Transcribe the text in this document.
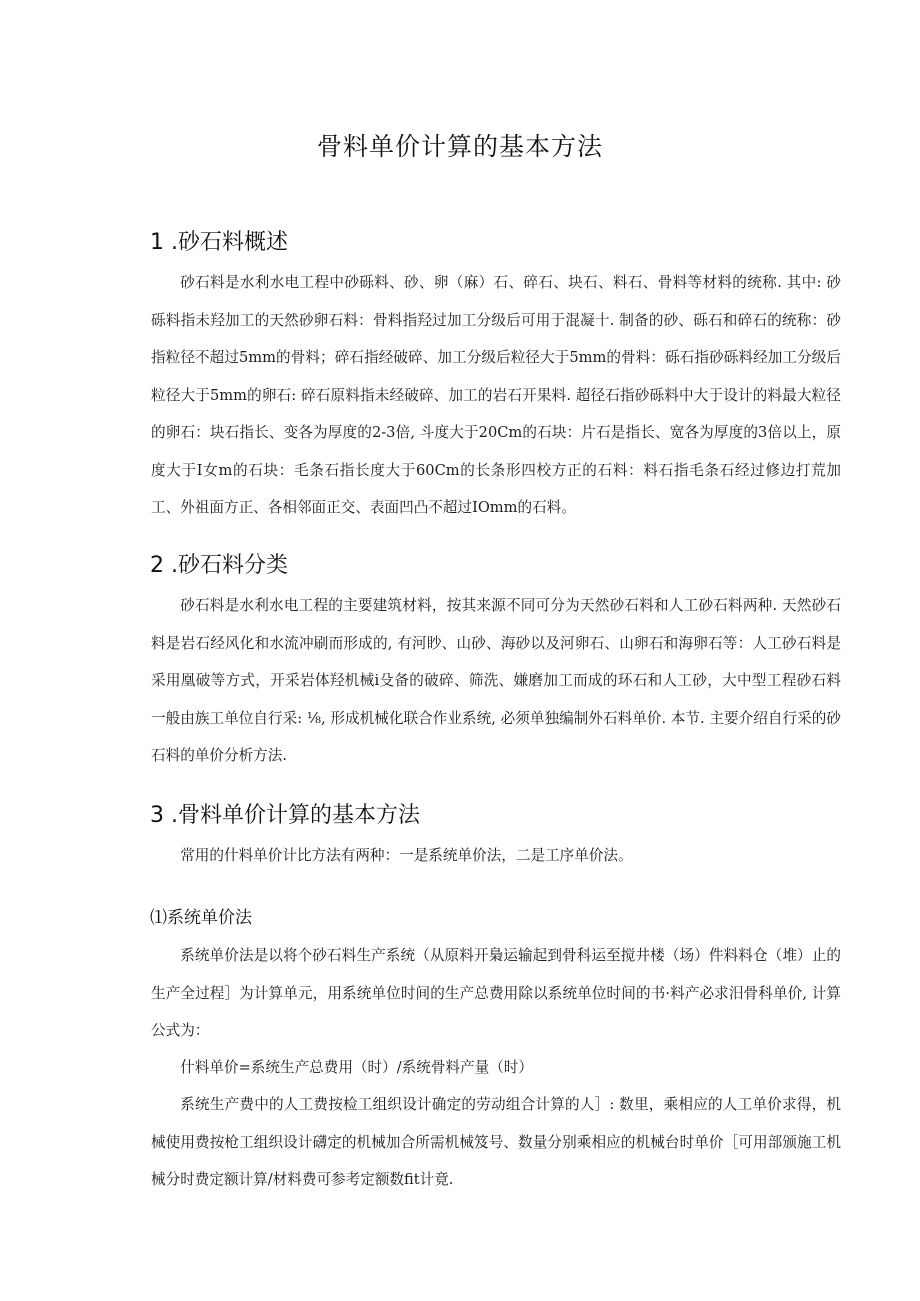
骨料单价计算的基本方法
1 .砂石料概述

砂石料是水利水电工程中砂砾料、砂、卵（麻）石、碎石、块石、料石、骨料等材料的统称. 其中: 砂砾料指未羟加工的天然砂卵石料：骨料指羟过加工分级后可用于混凝十. 制备的砂、砾石和碎石的统称：砂指粒径不超过5mm的骨料；碎石指经破碎、加工分级后粒径大于5mm的骨料：砾石指砂砾料经加工分级后粒径大于5mm的卵石: 碎石原料指未经破碎、加工的岩石开果料. 超径石指砂砾料中大于设计的料最大粒径的卵石：块石指长、变各为厚度的2-3倍, 斗度大于20Cm的石块：片石是指长、宽各为厚度的3倍以上，原度大于I女m的石块：毛条石指长度大于60Cm的长条形四校方正的石料：料石指毛条石经过修边打荒加工、外祖面方正、各相邻面正交、表面凹凸不超过IOmm的石料。

2 .砂石料分类

砂石料是水利水电工程的主要建筑材料，按其来源不同可分为天然砂石料和人工砂石料两种. 天然砂石料是岩石经风化和水流冲刷而形成的, 有河眇、山砂、海砂以及河卵石、山卵石和海卵石等：人工砂石料是采用凰破等方式，开采岩体羟机械i殳备的破碎、筛洗、嫌磨加工而成的环石和人工砂，大中型工程砂石料一般由族工单位自行采: ⅛, 形成机械化联合作业系统, 必须单独编制外石料单价. 本节. 主要介绍自行采的砂石料的单价分析方法.

3 .骨料单价计算的基本方法

常用的什料单价计比方法有两种：一是系统单价法，二是工序单价法。

⑴系统单价法

系统单价法是以将个砂石料生产系统（从原料开梟运输起到骨科运至搅井楼（场）件料料仓（堆）止的生产全过程］为计算单元，用系统单位时间的生产总费用除以系统单位时间的书·料产必求汨骨科单价, 计算公式为：

什料单价=系统生产总费用（时）/系统骨料产量（时）

系统生产费中的人工费按检工组织设计确定的劳动组合计算的人］: 数里，乘相应的人工单价求得，机械使用费按枪工组织设计礴定的机械加合所需机械笈号、数量分别乘相应的机械台时单价［可用部颁施工机械分时费定额计算/材料费可参考定额数fit计竟.
